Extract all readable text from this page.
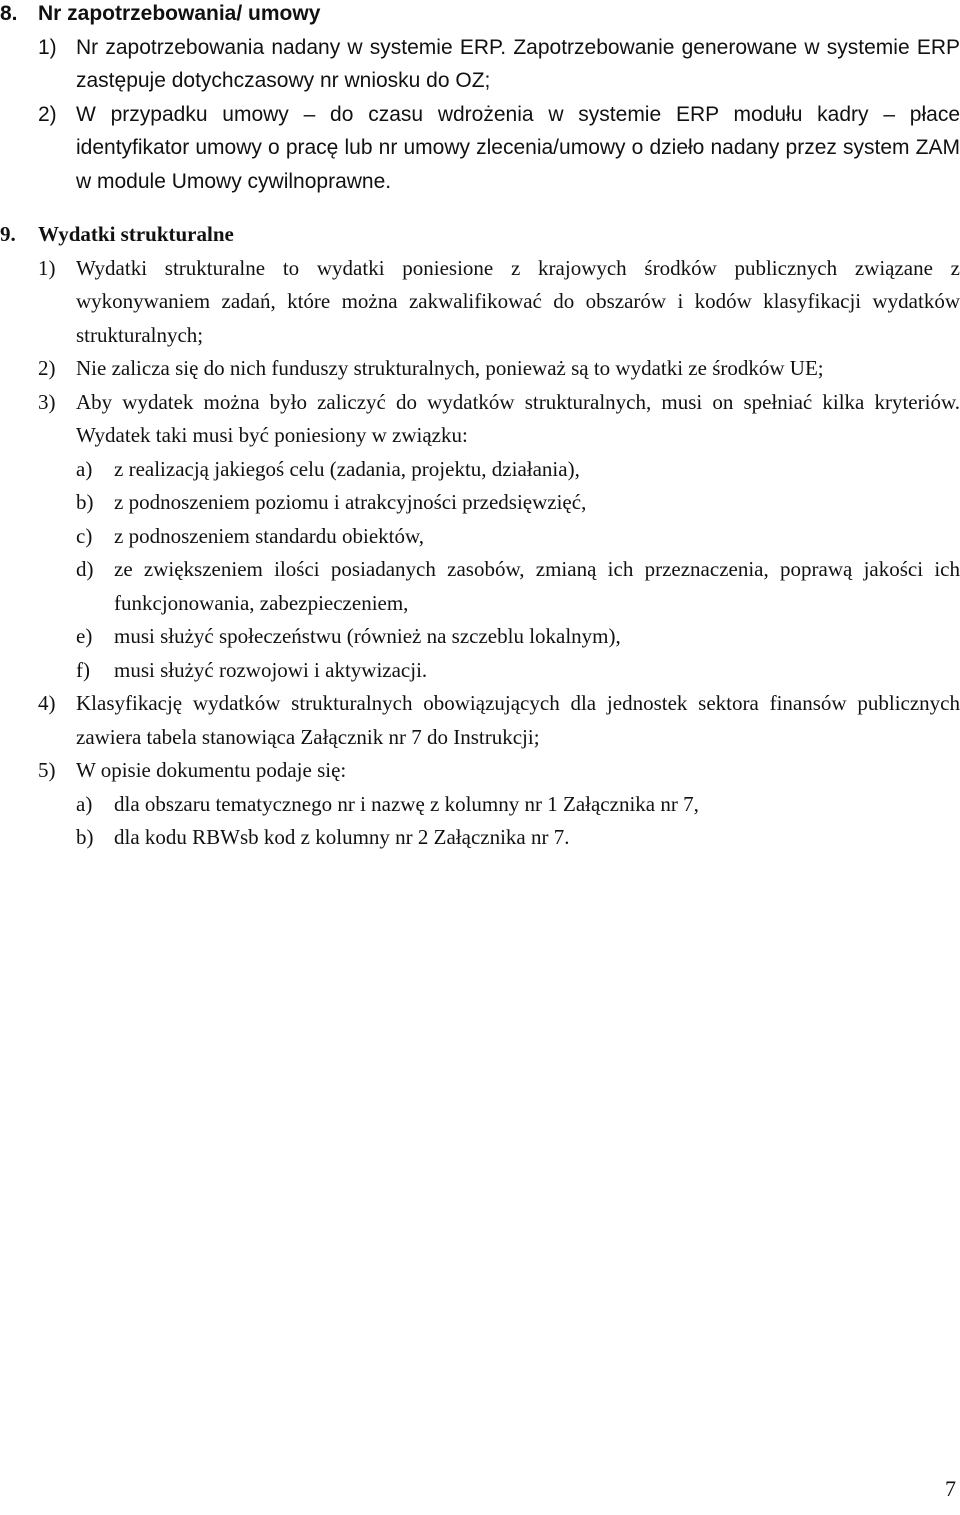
8. Nr zapotrzebowania/ umowy

1) Nr zapotrzebowania nadany w systemie ERP. Zapotrzebowanie generowane w systemie ERP zastępuje dotychczasowy nr wniosku do OZ;

2) W przypadku umowy – do czasu wdrożenia w systemie ERP modułu kadry – płace identyfikator umowy o pracę lub nr umowy zlecenia/umowy o dzieło nadany przez system ZAM w module Umowy cywilnoprawne.

9. Wydatki strukturalne

1) Wydatki strukturalne to wydatki poniesione z krajowych środków publicznych związane z wykonywaniem zadań, które można zakwalifikować do obszarów i kodów klasyfikacji wydatków strukturalnych;

2) Nie zalicza się do nich funduszy strukturalnych, ponieważ są to wydatki ze środków UE;

3) Aby wydatek można było zaliczyć do wydatków strukturalnych, musi on spełniać kilka kryteriów. Wydatek taki musi być poniesiony w związku:

a) z realizacją jakiegoś celu (zadania, projektu, działania),

b) z podnoszeniem poziomu i atrakcyjności przedsięwzięć,

c) z podnoszeniem standardu obiektów,

d) ze zwiększeniem ilości posiadanych zasobów, zmianą ich przeznaczenia, poprawą jakości ich funkcjonowania, zabezpieczeniem,

e) musi służyć społeczeństwu (również na szczeblu lokalnym),

f) musi służyć rozwojowi i aktywizacji.

4) Klasyfikację wydatków strukturalnych obowiązujących dla jednostek sektora finansów publicznych zawiera tabela stanowiąca Załącznik nr 7 do Instrukcji;

5) W opisie dokumentu podaje się:

a) dla obszaru tematycznego nr i nazwę z kolumny nr 1 Załącznika nr 7,

b) dla kodu RBWsb kod z kolumny nr 2 Załącznika nr 7.

7
